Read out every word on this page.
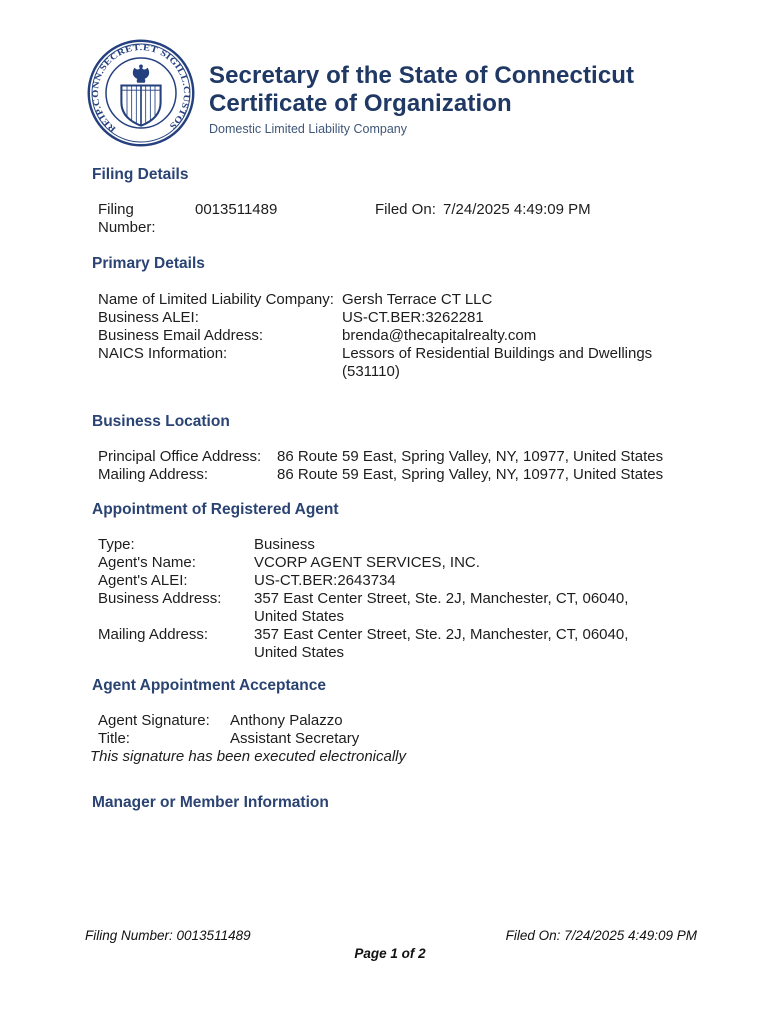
REIP.CONN.SECRET.ET SIGILL.CUSTOS
Secretary of the State of Connecticut
Certificate of Organization
Domestic Limited Liability Company
Filing Details
Filing Number:
0013511489	Filed On: 7/24/2025 4:49:09 PM
Primary Details
Name of Limited Liability Company: Gersh Terrace CT LLC
Business ALEI:	US-CT.BER:3262281
Business Email Address:	brenda@thecapitalrealty.com
NAICS Information:	Lessors of Residential Buildings and Dwellings (531110)
Business Location
Principal Office Address:	86 Route 59 East, Spring Valley, NY, 10977, United States
Mailing Address:	86 Route 59 East, Spring Valley, NY, 10977, United States
Appointment of Registered Agent
Type:	Business
Agent's Name:	VCORP AGENT SERVICES, INC.
Agent's ALEI:	US-CT.BER:2643734
Business Address:	357 East Center Street, Ste. 2J, Manchester, CT, 06040, United States
Mailing Address:	357 East Center Street, Ste. 2J, Manchester, CT, 06040, United States
Agent Appointment Acceptance
Agent Signature:	Anthony Palazzo
Title:	Assistant Secretary
This signature has been executed electronically
Manager or Member Information
Filing Number: 0013511489	Filed On: 7/24/2025 4:49:09 PM
Page 1 of 2
